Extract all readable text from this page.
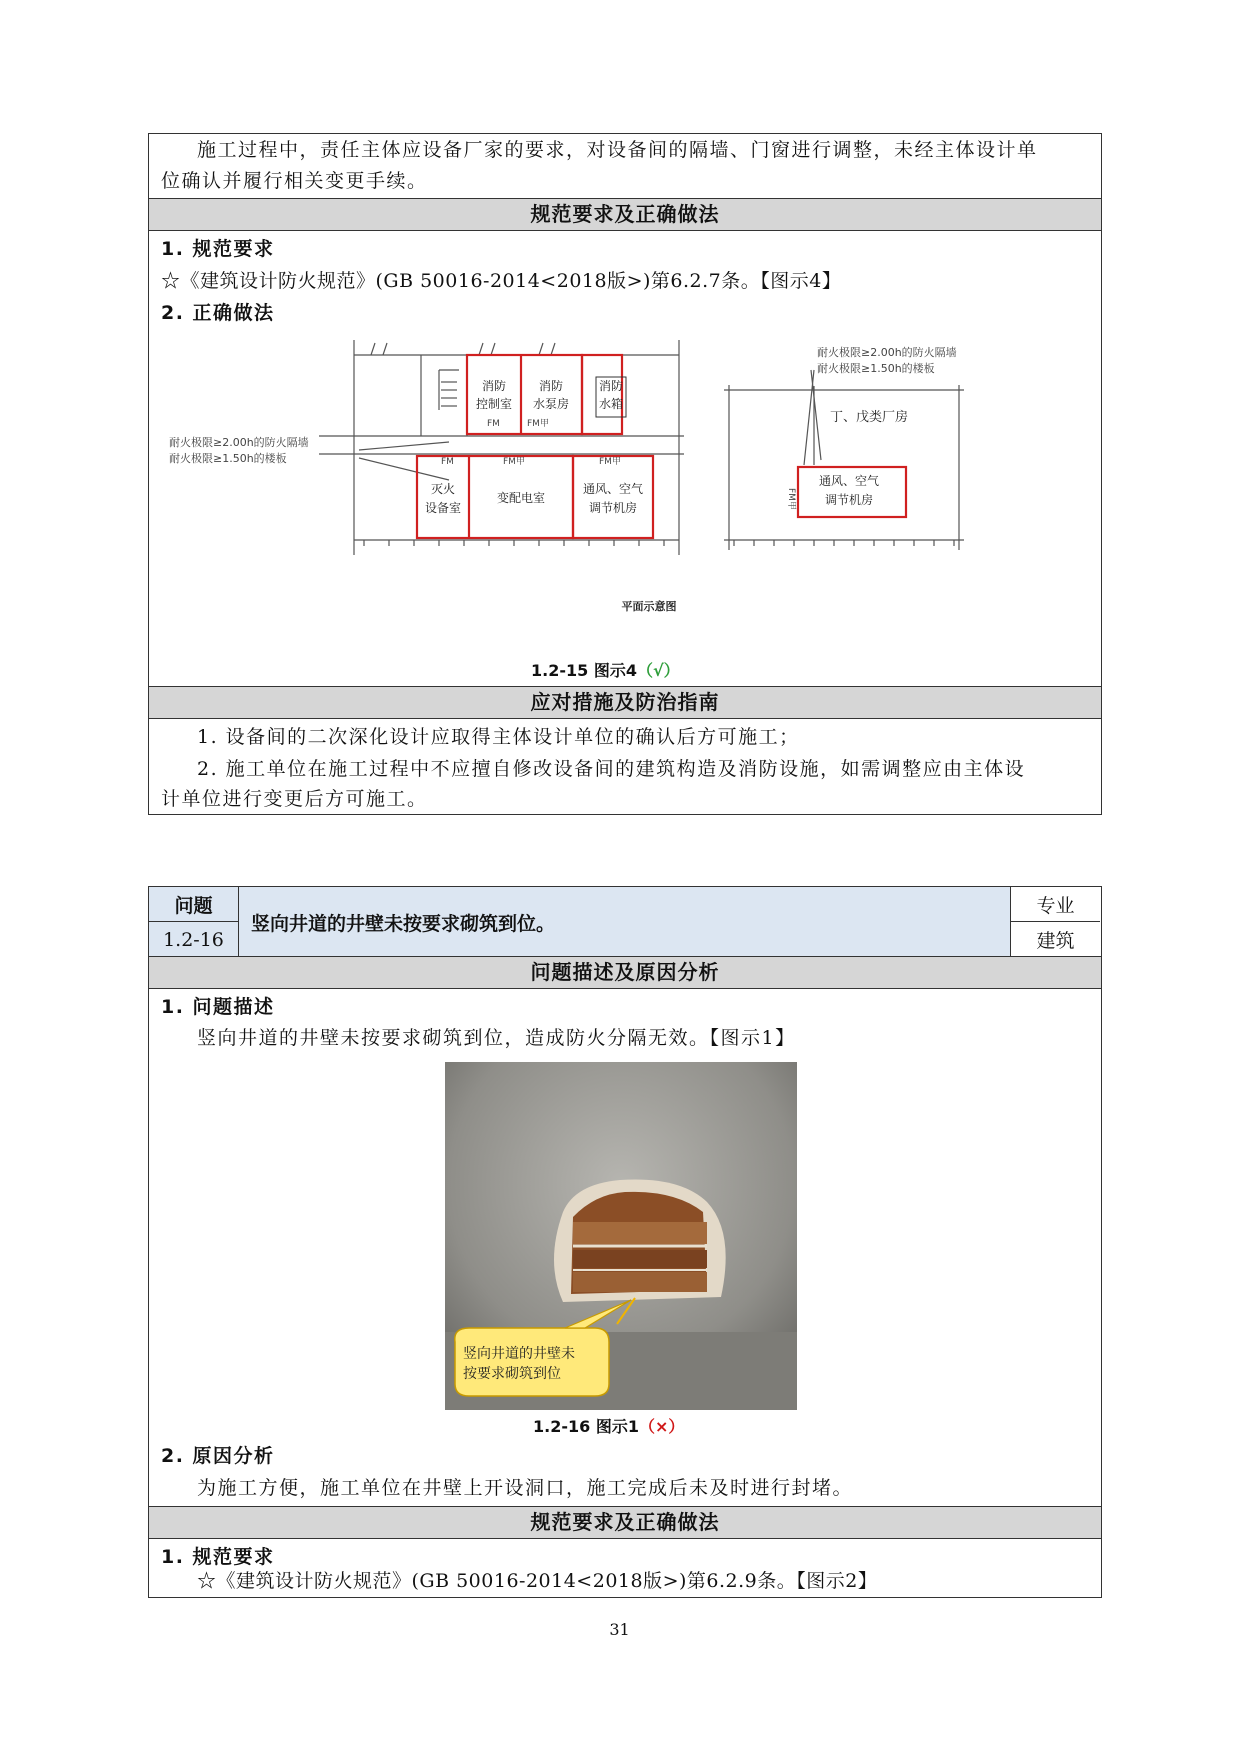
施工过程中，责任主体应设备厂家的要求，对设备间的隔墙、门窗进行调整，未经主体设计单
位确认并履行相关变更手续。
规范要求及正确做法
1. 规范要求
☆《建筑设计防火规范》(GB 50016-2014<2018版>)第6.2.7条。【图示4】
2. 正确做法
消防
控制室
消防
水泵房
消防
水箱
灭火
设备室
变配电室
通风、空气
调节机房
通风、空气
调节机房
丁、戊类厂房
平面示意图
FM	FM甲
FM	FM甲	FM甲
FM甲
耐火极限≥2.00h的防火隔墙
耐火极限≥1.50h的楼板
耐火极限≥2.00h的防火隔墙
耐火极限≥1.50h的楼板
1.2-15 图示4（√）
应对措施及防治指南
1. 设备间的二次深化设计应取得主体设计单位的确认后方可施工；
2. 施工单位在施工过程中不应擅自修改设备间的建筑构造及消防设施，如需调整应由主体设
计单位进行变更后方可施工。
问题
1.2-16
竖向井道的井壁未按要求砌筑到位。
专业
建筑
问题描述及原因分析
1. 问题描述
竖向井道的井壁未按要求砌筑到位，造成防火分隔无效。【图示1】
竖向井道的井壁未
按要求砌筑到位
1.2-16 图示1（×）
2. 原因分析
为施工方便，施工单位在井壁上开设洞口，施工完成后未及时进行封堵。
规范要求及正确做法
1. 规范要求
☆《建筑设计防火规范》(GB 50016-2014<2018版>)第6.2.9条。【图示2】
31
